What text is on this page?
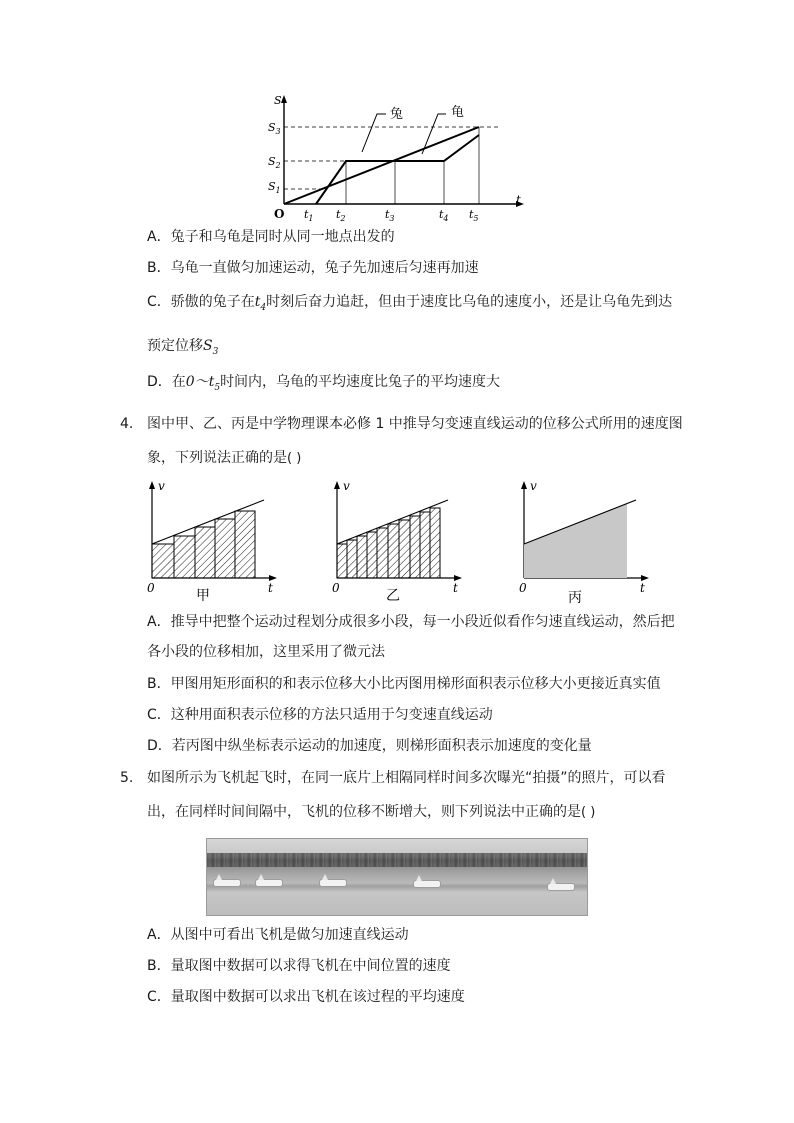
S
t
O
兔	龟
$S_3$
$S_2$
$S_1$
$t_1$ $t_2$	$t_3$	$t_4$ $t_5$
A．兔子和乌龟是同时从同一地点出发的
B．乌龟一直做匀加速运动，兔子先加速后匀速再加速
C．骄傲的兔子在$t_4$时刻后奋力追赶，但由于速度比乌龟的速度小，还是让乌龟先到达
预定位移$S_3$
D．在$0\sim t_5$时间内，乌龟的平均速度比兔子的平均速度大
4. 图中甲、乙、丙是中学物理课本必修 1 中推导匀变速直线运动的位移公式所用的速度图
象，下列说法正确的是( )
v
t
0	甲
v
t
0	乙
v
t
0
丙
A．推导中把整个运动过程划分成很多小段，每一小段近似看作匀速直线运动，然后把
各小段的位移相加，这里采用了微元法
B．甲图用矩形面积的和表示位移大小比丙图用梯形面积表示位移大小更接近真实值
C．这种用面积表示位移的方法只适用于匀变速直线运动
D．若丙图中纵坐标表示运动的加速度，则梯形面积表示加速度的变化量
5. 如图所示为飞机起飞时，在同一底片上相隔同样时间多次曝光“拍摄”的照片，可以看
出，在同样时间间隔中，飞机的位移不断增大，则下列说法中正确的是( )
A．从图中可看出飞机是做匀加速直线运动
B．量取图中数据可以求得飞机在中间位置的速度
C．量取图中数据可以求出飞机在该过程的平均速度
